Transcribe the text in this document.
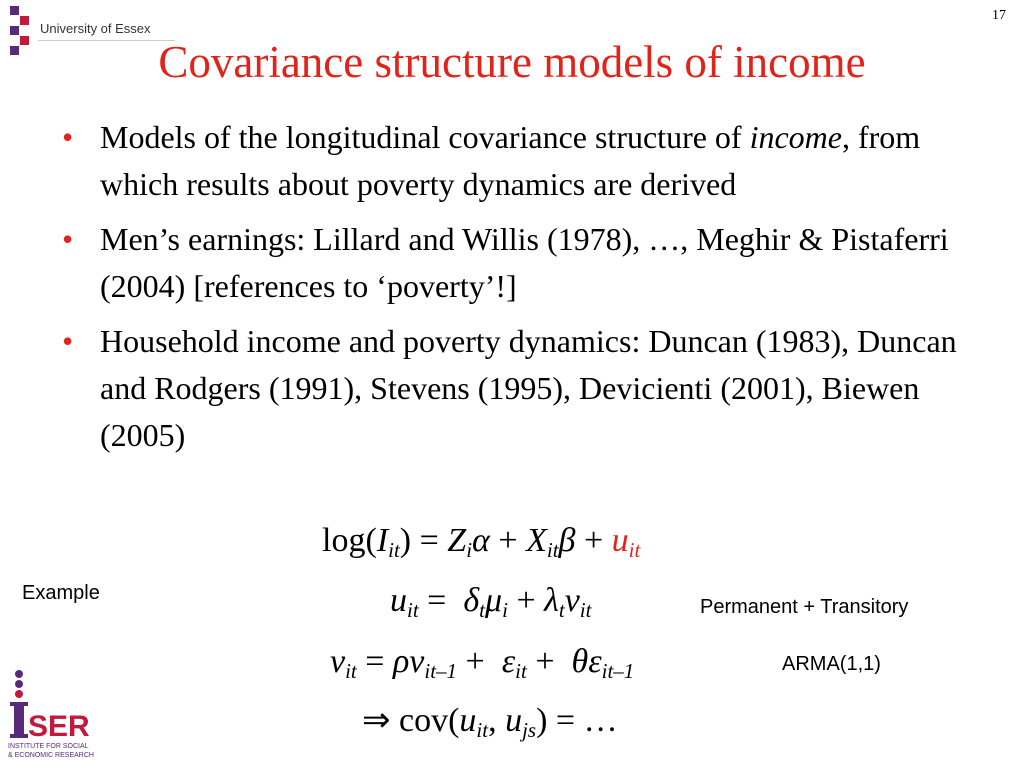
University of Essex
17
Covariance structure models of income
• Models of the longitudinal covariance structure of income, from which results about poverty dynamics are derived
• Men’s earnings: Lillard and Willis (1978), …, Meghir & Pistaferri (2004) [references to ‘poverty’!]
• Household income and poverty dynamics: Duncan (1983), Duncan and Rodgers (1991), Stevens (1995), Devicienti (2001), Biewen (2005)
$\log(I_{it}) = Z_i\alpha + X_{it}\beta + u_{it}$
$u_{it} = \delta_t\mu_i + \lambda_t\nu_{it}$
$\nu_{it} = \rho\nu_{it-1} + \varepsilon_{it} + \theta\varepsilon_{it-1}$
⇒ $cov(u_{it}$, $u_{js}$) = …
Example
Permanent + Transitory
ARMA(1,1)
SER
INSTITUTE FOR SOCIAL
& ECONOMIC RESEARCH
